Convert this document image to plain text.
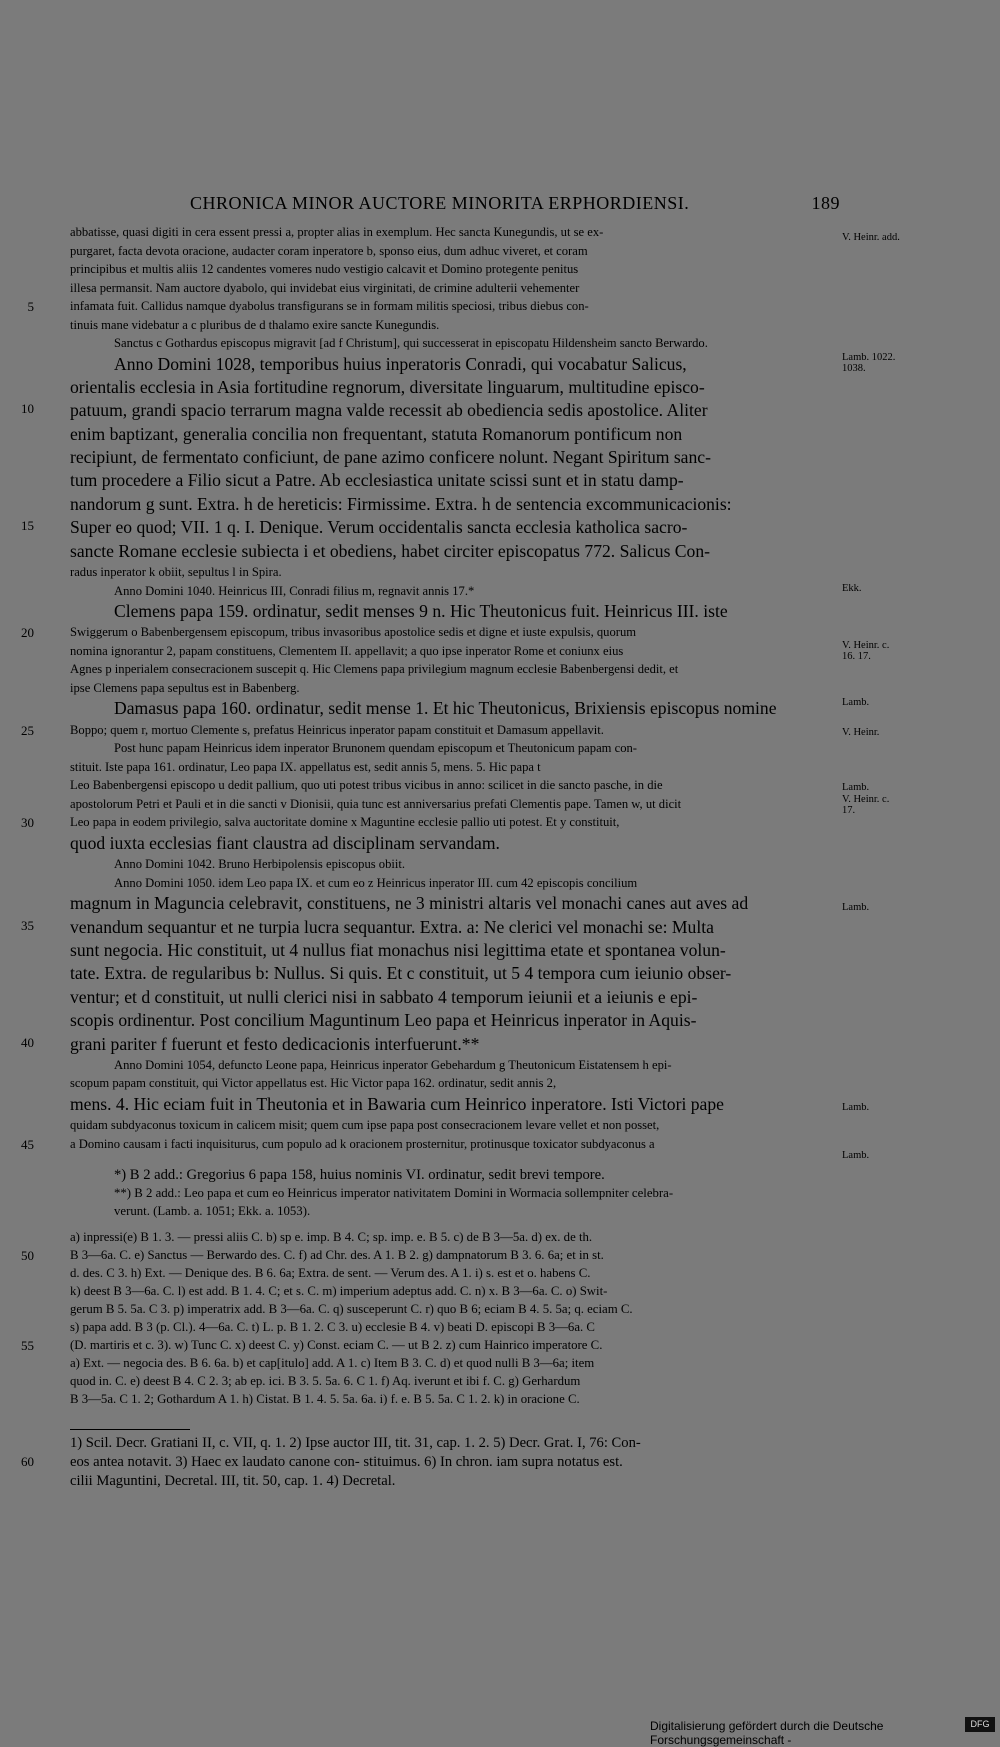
CHRONICA MINOR AUCTORE MINORITA ERPHORDIENSI.	189
abbatisse, quasi digiti in cera essent pressi a, propter alias in exemplum. Hec sancta Kunegundis, ut se ex-
purgaret, facta devota oracione, audacter coram inperatore b, sponso eius, dum adhuc viveret, et coram
principibus et multis aliis 12 candentes vomeres nudo vestigio calcavit et Domino protegente penitus
illesa permansit. Nam auctore dyabolo, qui invidebat eius virginitati, de crimine adulterii vehementer
infamata fuit. Callidus namque dyabolus transfigurans se in formam militis speciosi, tribus diebus con-
5
tinuis mane videbatur a c pluribus de d thalamo exire sancte Kunegundis.
Sanctus c Gothardus episcopus migravit [ad f Christum], qui successerat in episcopatu Hildensheim sancto Berwardo.
Anno Domini 1028, temporibus huius inperatoris Conradi, qui vocabatur Salicus,
orientalis ecclesia in Asia fortitudine regnorum, diversitate linguarum, multitudine episco-
patuum, grandi spacio terrarum magna valde recessit ab obediencia sedis apostolice. Aliter
10
enim baptizant, generalia concilia non frequentant, statuta Romanorum pontificum non
recipiunt, de fermentato conficiunt, de pane azimo conficere nolunt. Negant Spiritum sanc-
tum procedere a Filio sicut a Patre. Ab ecclesiastica unitate scissi sunt et in statu damp-
nandorum g sunt. Extra. h de hereticis: Firmissime. Extra. h de sentencia excommunicacionis:
Super eo quod; VII. 1 q. I. Denique. Verum occidentalis sancta ecclesia katholica sacro-
15
sancte Romane ecclesie subiecta i et obediens, habet circiter episcopatus 772. Salicus Con-
radus inperator k obiit, sepultus l in Spira.
Anno Domini 1040. Heinricus III, Conradi filius m, regnavit annis 17.*
Clemens papa 159. ordinatur, sedit menses 9 n. Hic Theutonicus fuit. Heinricus III. iste
Swiggerum o Babenbergensem episcopum, tribus invasoribus apostolice sedis et digne et iuste expulsis, quorum
20
nomina ignorantur 2, papam constituens, Clementem II. appellavit; a quo ipse inperator Rome et coniunx eius
Agnes p inperialem consecracionem suscepit q. Hic Clemens papa privilegium magnum ecclesie Babenbergensi dedit, et
ipse Clemens papa sepultus est in Babenberg.
Damasus papa 160. ordinatur, sedit mense 1. Et hic Theutonicus, Brixiensis episcopus nomine
Boppo; quem r, mortuo Clemente s, prefatus Heinricus inperator papam constituit et Damasum appellavit.
25
Post hunc papam Heinricus idem inperator Brunonem quendam episcopum et Theutonicum papam con-
stituit. Iste papa 161. ordinatur, Leo papa IX. appellatus est, sedit annis 5, mens. 5. Hic papa t
Leo Babenbergensi episcopo u dedit pallium, quo uti potest tribus vicibus in anno: scilicet in die sancto pasche, in die
apostolorum Petri et Pauli et in die sancti v Dionisii, quia tunc est anniversarius prefati Clementis pape. Tamen w, ut dicit
Leo papa in eodem privilegio, salva auctoritate domine x Maguntine ecclesie pallio uti potest. Et y constituit,
30
quod iuxta ecclesias fiant claustra ad disciplinam servandam.
Anno Domini 1042. Bruno Herbipolensis episcopus obiit.
Anno Domini 1050. idem Leo papa IX. et cum eo z Heinricus inperator III. cum 42 episcopis concilium
magnum in Maguncia celebravit, constituens, ne 3 ministri altaris vel monachi canes aut aves ad
venandum sequantur et ne turpia lucra sequantur. Extra. a: Ne clerici vel monachi se: Multa
35
sunt negocia. Hic constituit, ut 4 nullus fiat monachus nisi legittima etate et spontanea volun-
tate. Extra. de regularibus b: Nullus. Si quis. Et c constituit, ut 5 4 tempora cum ieiunio obser-
ventur; et d constituit, ut nulli clerici nisi in sabbato 4 temporum ieiunii et a ieiunis e epi-
scopis ordinentur. Post concilium Maguntinum Leo papa et Heinricus inperator in Aquis-
grani pariter f fuerunt et festo dedicacionis interfuerunt.**
40
Anno Domini 1054, defuncto Leone papa, Heinricus inperator Gebehardum g Theutonicum Eistatensem h epi-
scopum papam constituit, qui Victor appellatus est. Hic Victor papa 162. ordinatur, sedit annis 2,
mens. 4. Hic eciam fuit in Theutonia et in Bawaria cum Heinrico inperatore. Isti Victori pape
quidam subdyaconus toxicum in calicem misit; quem cum ipse papa post consecracionem levare vellet et non posset,
a Domino causam i facti inquisiturus, cum populo ad k oracionem prosternitur, protinusque toxicator subdyaconus a
45
*) B 2 add.: Gregorius 6 papa 158, huius nominis VI. ordinatur, sedit brevi tempore.
**) B 2 add.: Leo papa et cum eo Heinricus imperator nativitatem Domini in Wormacia sollempniter celebra-
verunt. (Lamb. a. 1051; Ekk. a. 1053).
a) inpressi(e) B 1. 3. — pressi aliis C. b) sp e. imp. B 4. C; sp. imp. e. B 5. c) de B 3—5a. d) ex. de th.
B 3—6a. C. e) Sanctus — Berwardo des. C. f) ad Chr. des. A 1. B 2. g) dampnatorum B 3. 6. 6a; et in st.
50
d. des. C 3. h) Ext. — Denique des. B 6. 6a; Extra. de sent. — Verum des. A 1. i) s. est et o. habens C.
k) deest B 3—6a. C. l) est add. B 1. 4. C; et s. C. m) imperium adeptus add. C. n) x. B 3—6a. C. o) Swit-
gerum B 5. 5a. C 3. p) imperatrix add. B 3—6a. C. q) susceperunt C. r) quo B 6; eciam B 4. 5. 5a; q. eciam C.
s) papa add. B 3 (p. Cl.). 4—6a. C. t) L. p. B 1. 2. C 3. u) ecclesie B 4. v) beati D. episcopi B 3—6a. C
(D. martiris et c. 3). w) Tunc C. x) deest C. y) Const. eciam C. — ut B 2. z) cum Hainrico imperatore C.
55
a) Ext. — negocia des. B 6. 6a. b) et cap[itulo] add. A 1. c) Item B 3. C. d) et quod nulli B 3—6a; item
quod in. C. e) deest B 4. C 2. 3; ab ep. ici. B 3. 5. 5a. 6. C 1. f) Aq. iverunt et ibi f. C. g) Gerhardum
B 3—5a. C 1. 2; Gothardum A 1. h) Cistat. B 1. 4. 5. 5a. 6a. i) f. e. B 5. 5a. C 1. 2. k) in oracione C.
1) Scil. Decr. Gratiani II, c. VII, q. 1. 2) Ipse auctor III, tit. 31, cap. 1. 2. 5) Decr. Grat. I, 76: Con-
eos antea notavit. 3) Haec ex laudato canone con- stituimus. 6) In chron. iam supra notatus est.
60
cilii Maguntini, Decretal. III, tit. 50, cap. 1. 4) Decretal.
V. Heinr. add.
Lamb. 1022. 1038.
Ekk.
V. Heinr. c. 16. 17.
Lamb.
V. Heinr.
Lamb.
V. Heinr. c. 17.
Lamb.
Lamb.
Lamb.
Digitalisierung gefördert durch die Deutsche Forschungsgemeinschaft -
DFG
